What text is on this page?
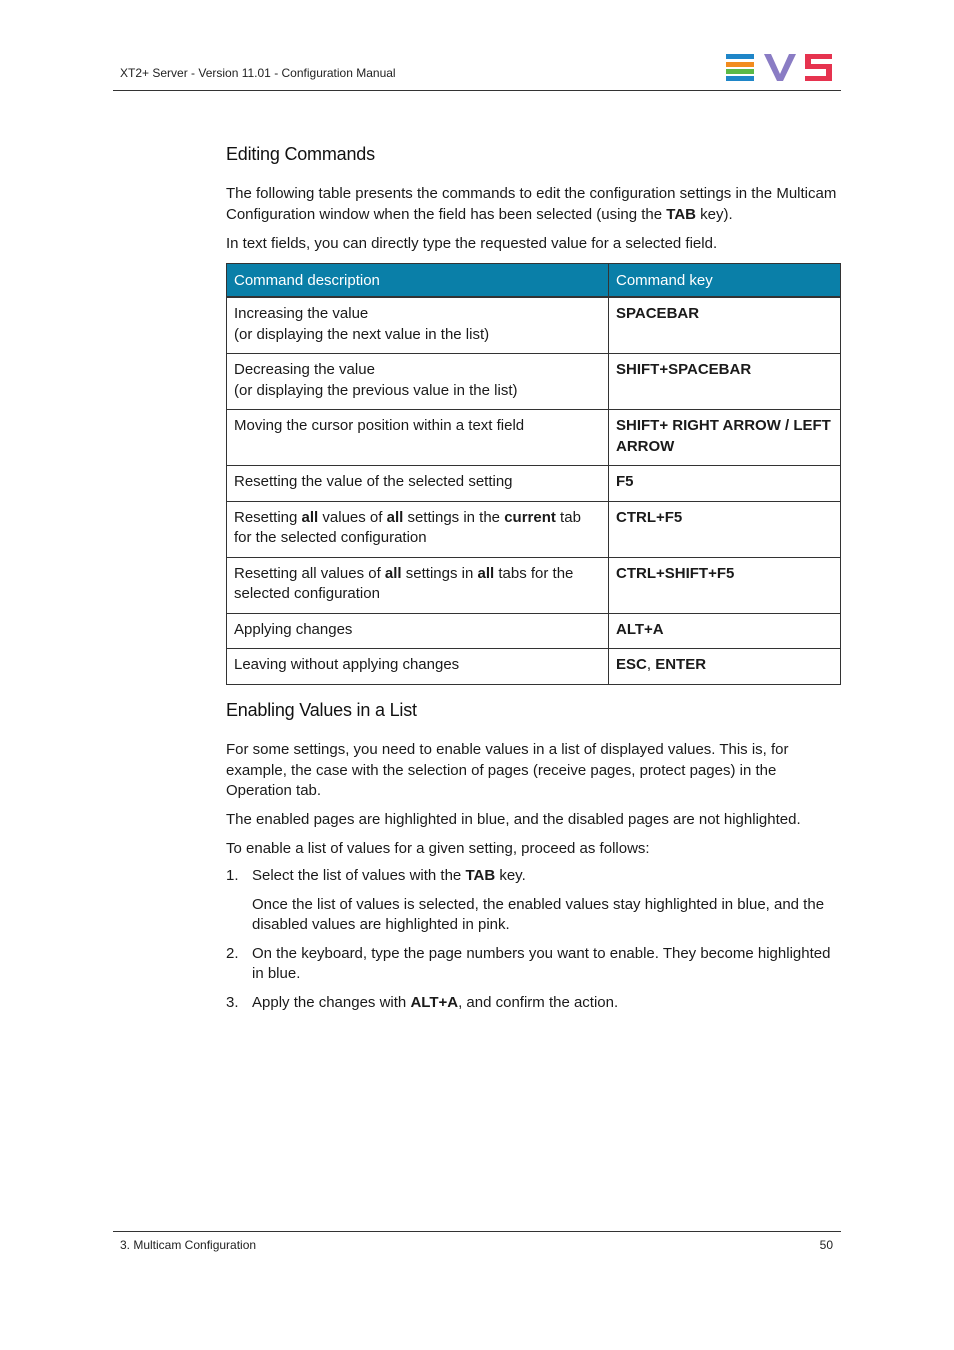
XT2+ Server - Version 11.01 - Configuration Manual
Editing Commands
The following table presents the commands to edit the configuration settings in the Multicam Configuration window when the field has been selected (using the TAB key).
In text fields, you can directly type the requested value for a selected field.
Command description	Command key
Increasing the value
(or displaying the next value in the list)	SPACEBAR
Decreasing the value
(or displaying the previous value in the list)	SHIFT+SPACEBAR
Moving the cursor position within a text field	SHIFT+ RIGHT ARROW / LEFT ARROW
Resetting the value of the selected setting	F5
Resetting all values of all settings in the current tab for the selected configuration	CTRL+F5
Resetting all values of all settings in all tabs for the selected configuration	CTRL+SHIFT+F5
Applying changes	ALT+A
Leaving without applying changes	ESC, ENTER
Enabling Values in a List
For some settings, you need to enable values in a list of displayed values. This is, for example, the case with the selection of pages (receive pages, protect pages) in the Operation tab.
The enabled pages are highlighted in blue, and the disabled pages are not highlighted.
To enable a list of values for a given setting, proceed as follows:
1. Select the list of values with the TAB key.
Once the list of values is selected, the enabled values stay highlighted in blue, and the disabled values are highlighted in pink.
2. On the keyboard, type the page numbers you want to enable. They become highlighted in blue.
3. Apply the changes with ALT+A, and confirm the action.
3. Multicam Configuration	50
